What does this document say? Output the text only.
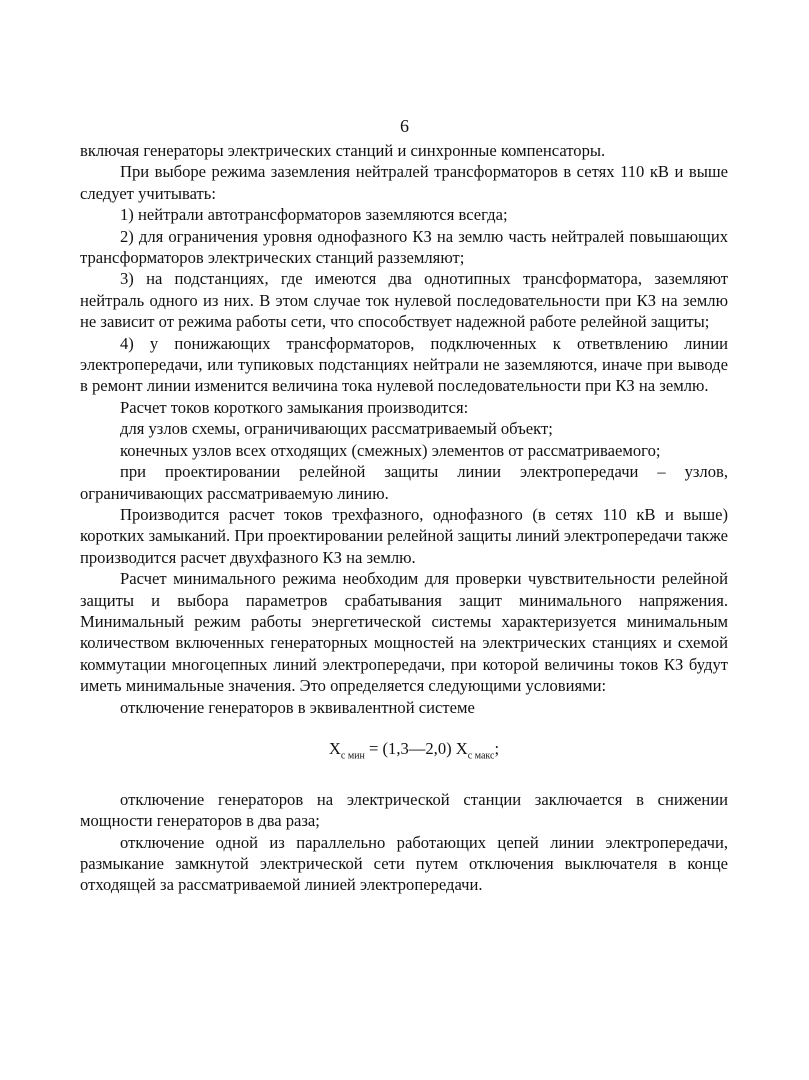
6

включая генераторы электрических станций и синхронные компенсаторы.

При выборе режима заземления нейтралей трансформаторов в сетях 110 кВ и выше следует учитывать:

1) нейтрали автотрансформаторов заземляются всегда;

2) для ограничения уровня однофазного КЗ на землю часть нейтралей повышающих трансформаторов электрических станций разземляют;

3) на подстанциях, где имеются два однотипных трансформатора, заземляют нейтраль одного из них. В этом случае ток нулевой последовательности при КЗ на землю не зависит от режима работы сети, что способствует надежной работе релейной защиты;

4) у понижающих трансформаторов, подключенных к ответвлению линии электропередачи, или тупиковых подстанциях нейтрали не заземляются, иначе при выводе в ремонт линии изменится величина тока нулевой последовательности при КЗ на землю.

Расчет токов короткого замыкания производится:

для узлов схемы, ограничивающих рассматриваемый объект;

конечных узлов всех отходящих (смежных) элементов от рассматриваемого;

при проектировании релейной защиты линии электропередачи – узлов, ограничивающих рассматриваемую линию.

Производится расчет токов трехфазного, однофазного (в сетях 110 кВ и выше) коротких замыканий. При проектировании релейной защиты линий электропередачи также производится расчет двухфазного КЗ на землю.

Расчет минимального режима необходим для проверки чувствительности релейной защиты и выбора параметров срабатывания защит минимального напряжения. Минимальный режим работы энергетической системы характеризуется минимальным количеством включенных генераторных мощностей на электрических станциях и схемой коммутации многоцепных линий электропередачи, при которой величины токов КЗ будут иметь минимальные значения. Это определяется следующими условиями:

отключение генераторов в эквивалентной системе

$X_{с мин}$ = (1,3—2,0) $X_{с макс}$;

отключение генераторов на электрической станции заключается в снижении мощности генераторов в два раза;

отключение одной из параллельно работающих цепей линии электропередачи, размыкание замкнутой электрической сети путем отключения выключателя в конце отходящей за рассматриваемой линией электропередачи.
